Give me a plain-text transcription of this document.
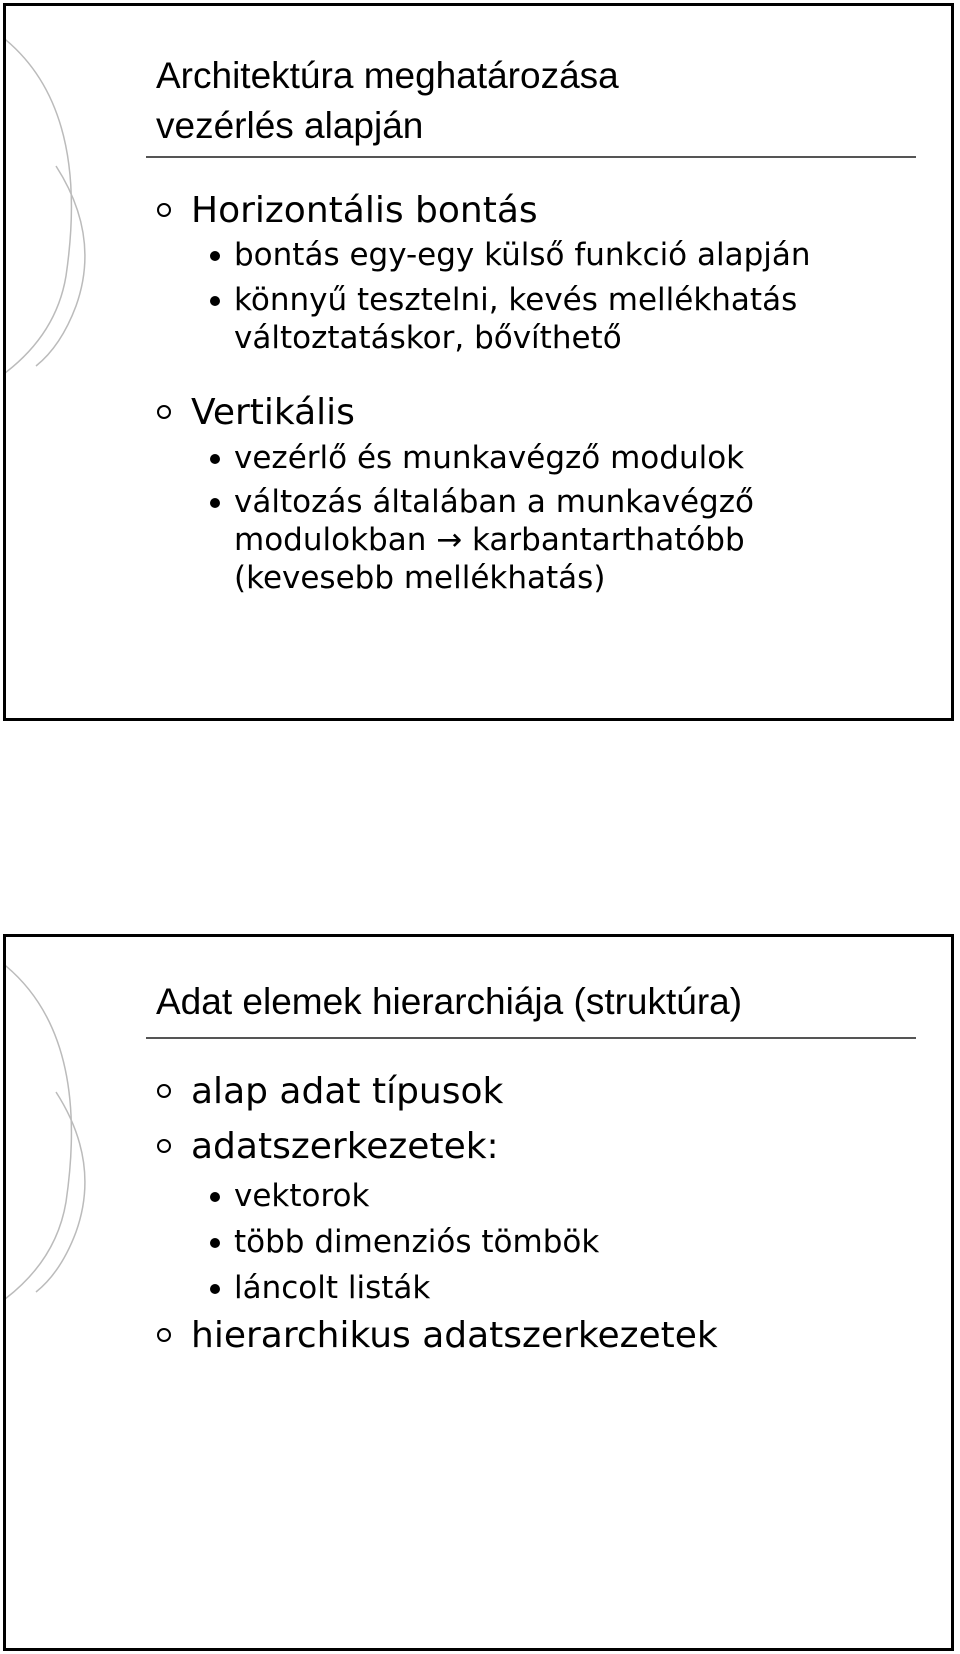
Architektúra meghatározása
vezérlés alapján

Horizontális bontás

bontás egy-egy külső funkció alapján

könnyű tesztelni, kevés mellékhatás
változtatáskor, bővíthető

Vertikális

vezérlő és munkavégző modulok

változás általában a munkavégző
modulokban → karbantarthatóbb
(kevesebb mellékhatás)

Adat elemek hierarchiája (struktúra)

alap adat típusok

adatszerkezetek:

vektorok

több dimenziós tömbök

láncolt listák

hierarchikus adatszerkezetek
